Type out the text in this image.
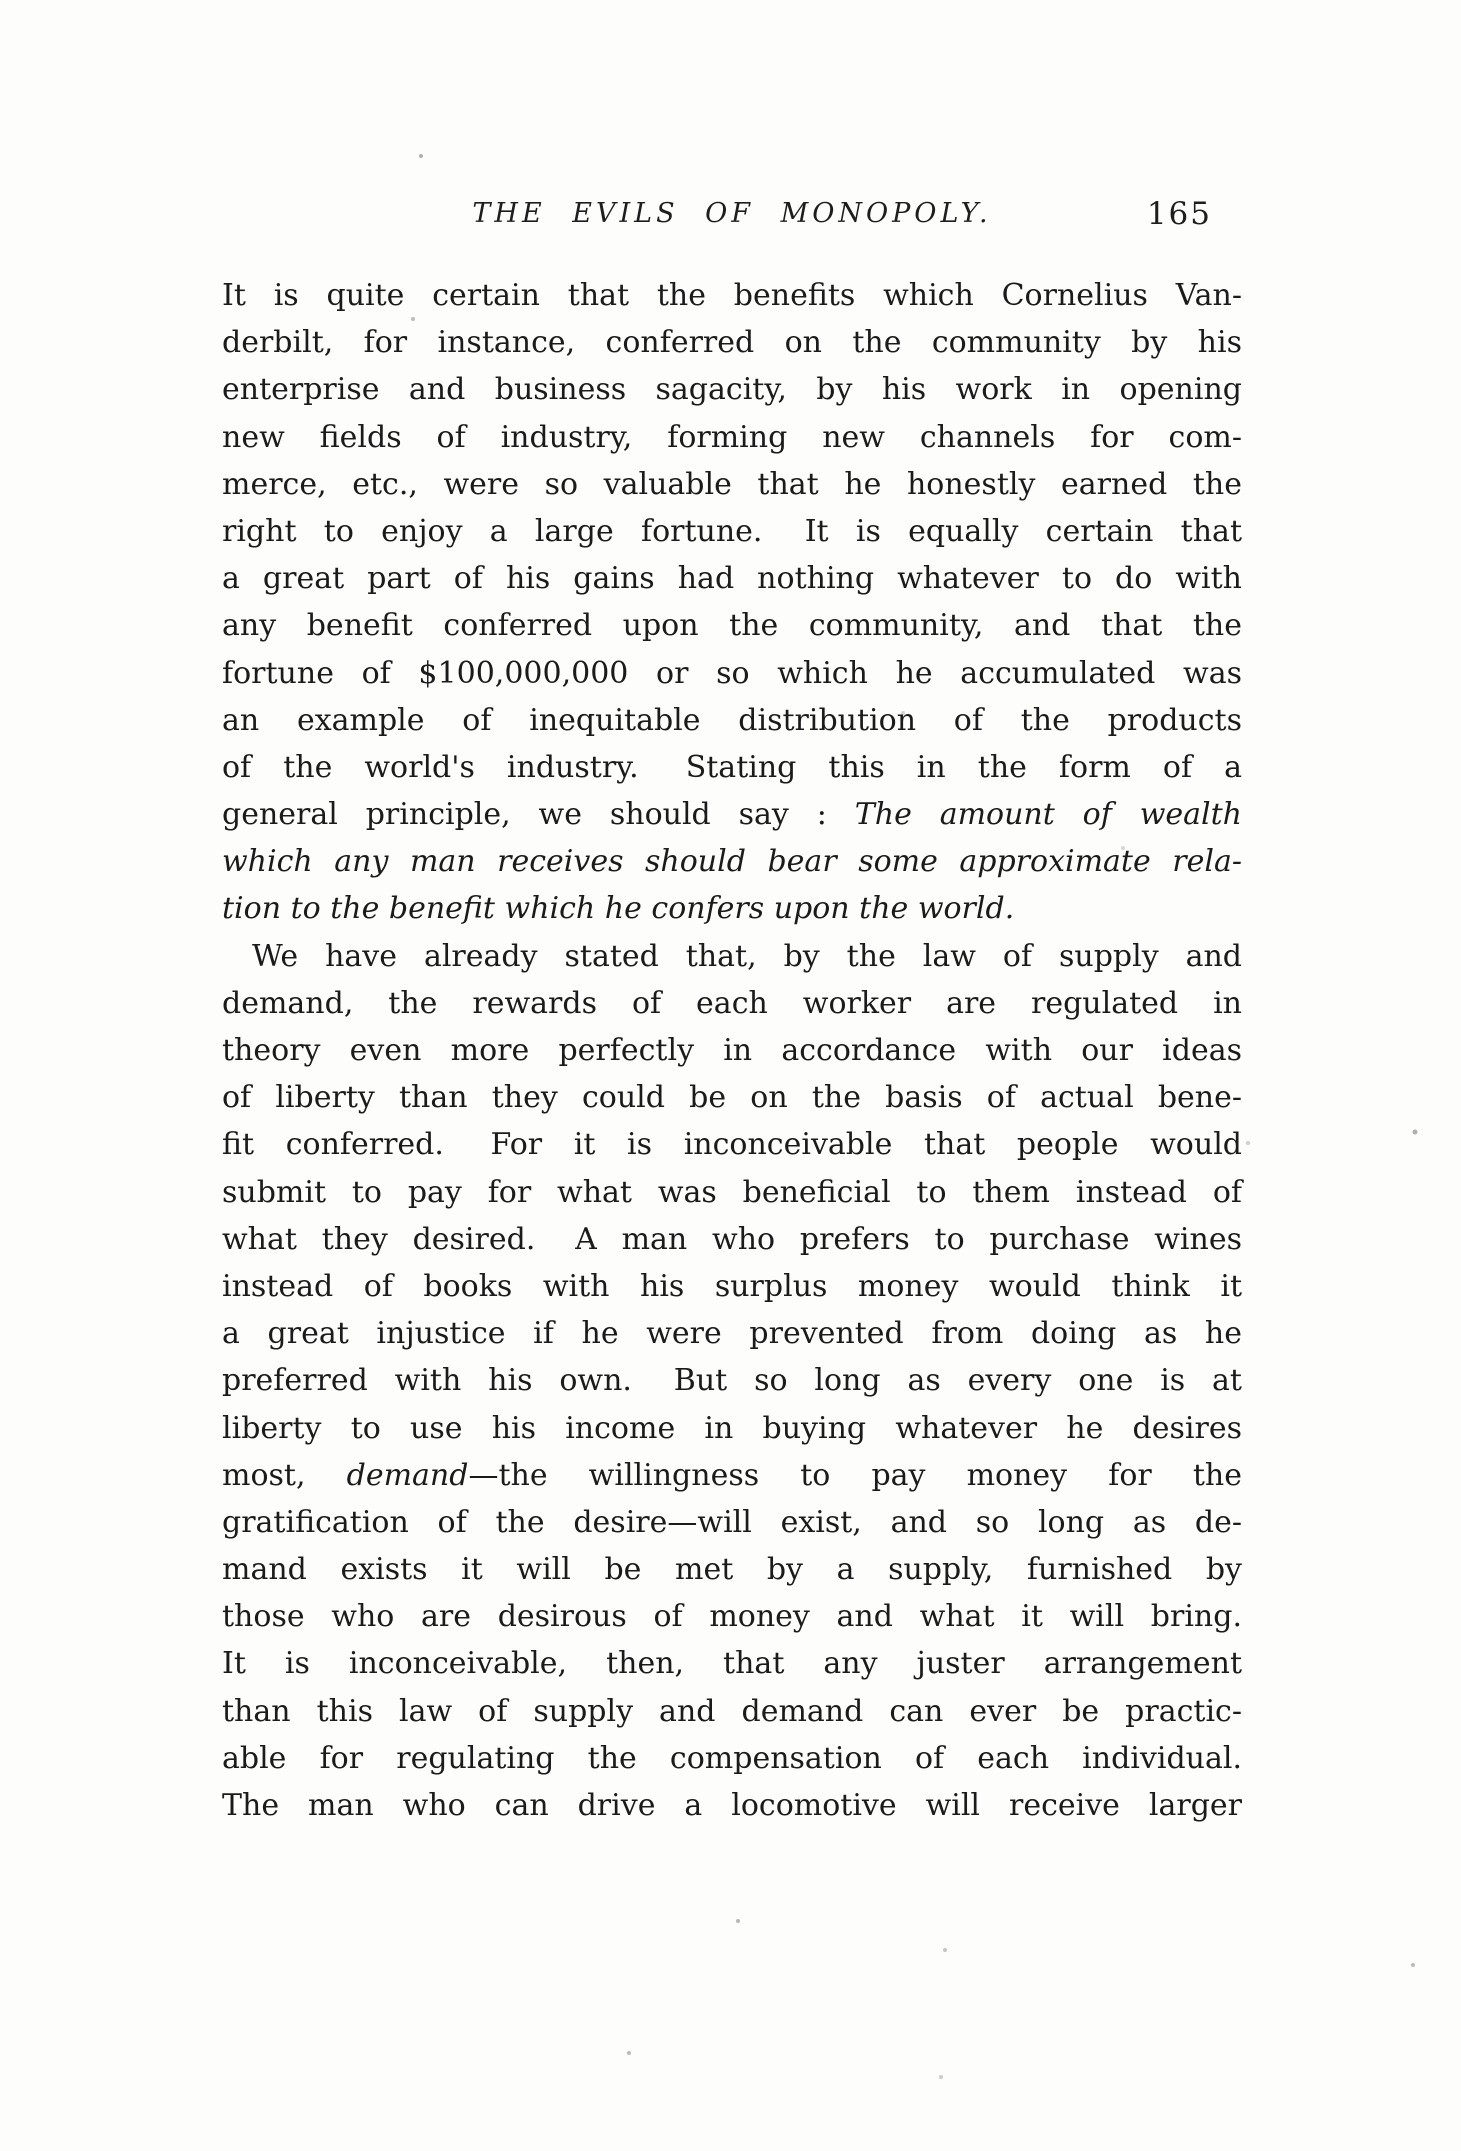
THE EVILS OF MONOPOLY.	165
It is quite certain that the benefits which Cornelius Van-
derbilt, for instance, conferred on the community by his
enterprise and business sagacity, by his work in opening
new fields of industry, forming new channels for com-
merce, etc., were so valuable that he honestly earned the
right to enjoy a large fortune.  It is equally certain that
a great part of his gains had nothing whatever to do with
any benefit conferred upon the community, and that the
fortune of $100,000,000 or so which he accumulated was
an example of inequitable distribution of the products
of the world's industry.  Stating this in the form of a
general principle, we should say : The amount of wealth
which any man receives should bear some approximate rela-
tion to the benefit which he confers upon the world.
We have already stated that, by the law of supply and
demand, the rewards of each worker are regulated in
theory even more perfectly in accordance with our ideas
of liberty than they could be on the basis of actual bene-
fit conferred.  For it is inconceivable that people would
submit to pay for what was beneficial to them instead of
what they desired.  A man who prefers to purchase wines
instead of books with his surplus money would think it
a great injustice if he were prevented from doing as he
preferred with his own.  But so long as every one is at
liberty to use his income in buying whatever he desires
most, demand—the willingness to pay money for the
gratification of the desire—will exist, and so long as de-
mand exists it will be met by a supply, furnished by
those who are desirous of money and what it will bring.
It is inconceivable, then, that any juster arrangement
than this law of supply and demand can ever be practic-
able for regulating the compensation of each individual.
The man who can drive a locomotive will receive larger
